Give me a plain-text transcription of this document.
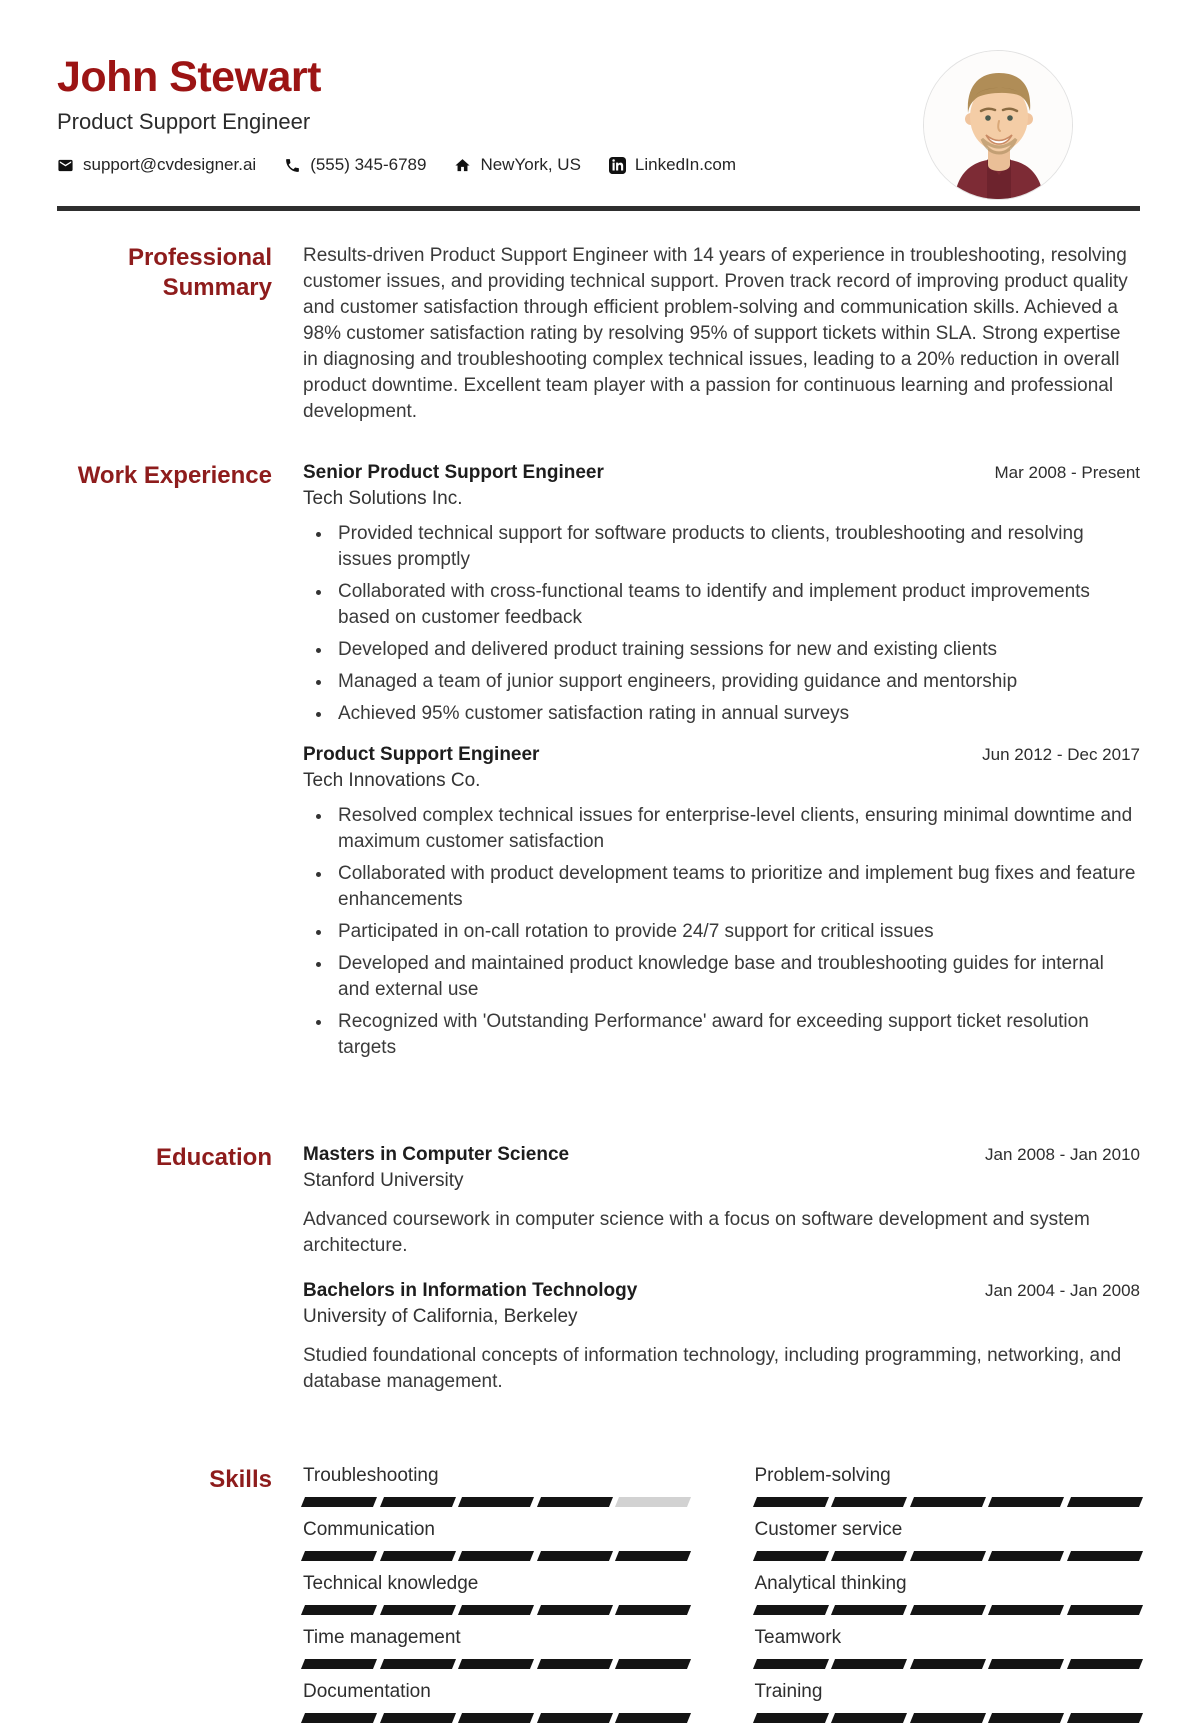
John Stewart
Product Support Engineer
support@cvdesigner.ai	(555) 345-6789	NewYork, US	LinkedIn.com
Professional Summary

Results-driven Product Support Engineer with 14 years of experience in troubleshooting, resolving customer issues, and providing technical support. Proven track record of improving product quality and customer satisfaction through efficient problem-solving and communication skills. Achieved a 98% customer satisfaction rating by resolving 95% of support tickets within SLA. Strong expertise in diagnosing and troubleshooting complex technical issues, leading to a 20% reduction in overall product downtime. Excellent team player with a passion for continuous learning and professional development.

Work Experience Senior Product Support Engineer	Mar 2008 - Present
Tech Solutions Inc.
Provided technical support for software products to clients, troubleshooting and resolving issues promptly
Collaborated with cross-functional teams to identify and implement product improvements based on customer feedback
Developed and delivered product training sessions for new and existing clients
Managed a team of junior support engineers, providing guidance and mentorship
Achieved 95% customer satisfaction rating in annual surveys
Product Support Engineer	Jun 2012 - Dec 2017
Tech Innovations Co.
Resolved complex technical issues for enterprise-level clients, ensuring minimal downtime and maximum customer satisfaction
Collaborated with product development teams to prioritize and implement bug fixes and feature enhancements
Participated in on-call rotation to provide 24/7 support for critical issues
Developed and maintained product knowledge base and troubleshooting guides for internal and external use
Recognized with 'Outstanding Performance' award for exceeding support ticket resolution targets
Education Masters in Computer Science	Jan 2008 - Jan 2010
Stanford University

Advanced coursework in computer science with a focus on software development and system architecture.

Bachelors in Information Technology	Jan 2004 - Jan 2008
University of California, Berkeley

Studied foundational concepts of information technology, including programming, networking, and database management.

Skills Troubleshooting	Problem-solving
Communication	Customer service
Technical knowledge	Analytical thinking
Time management	Teamwork
Documentation	Training
